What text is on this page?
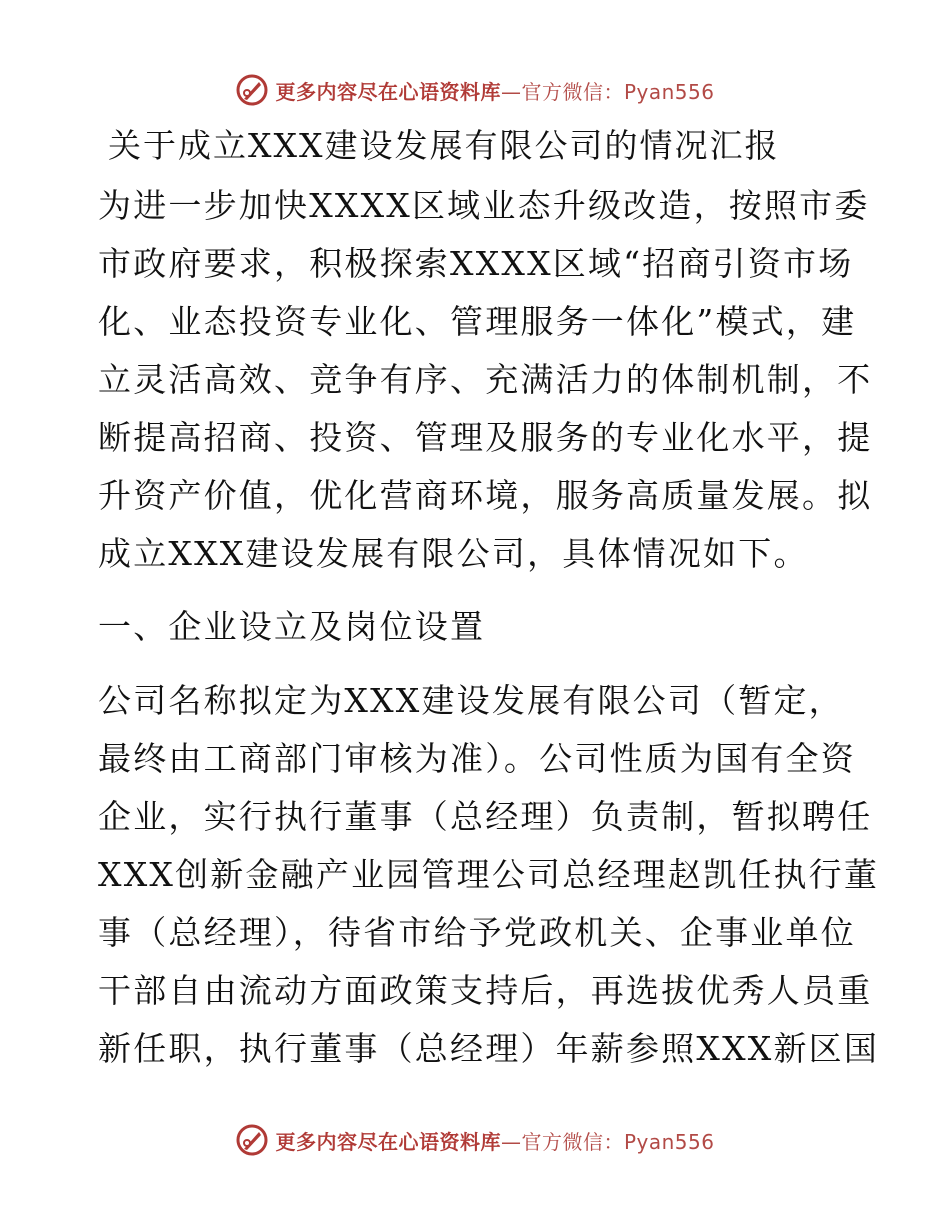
更多内容尽在心语资料库—官方微信：Pyan556
关于成立XXX建设发展有限公司的情况汇报

为进一步加快XXXX区域业态升级改造，按照市委

市政府要求，积极探索XXXX区域“招商引资市场

化、业态投资专业化、管理服务一体化”模式，建

立灵活高效、竞争有序、充满活力的体制机制，不

断提高招商、投资、管理及服务的专业化水平，提

升资产价值，优化营商环境，服务高质量发展。拟

成立XXX建设发展有限公司，具体情况如下。

一、企业设立及岗位设置

公司名称拟定为XXX建设发展有限公司（暂定，

最终由工商部门审核为准）。公司性质为国有全资

企业，实行执行董事（总经理）负责制，暂拟聘任

XXX创新金融产业园管理公司总经理赵凯任执行董

事（总经理），待省市给予党政机关、企事业单位

干部自由流动方面政策支持后，再选拔优秀人员重

新任职，执行董事（总经理）年薪参照XXX新区国

更多内容尽在心语资料库—官方微信：Pyan556
